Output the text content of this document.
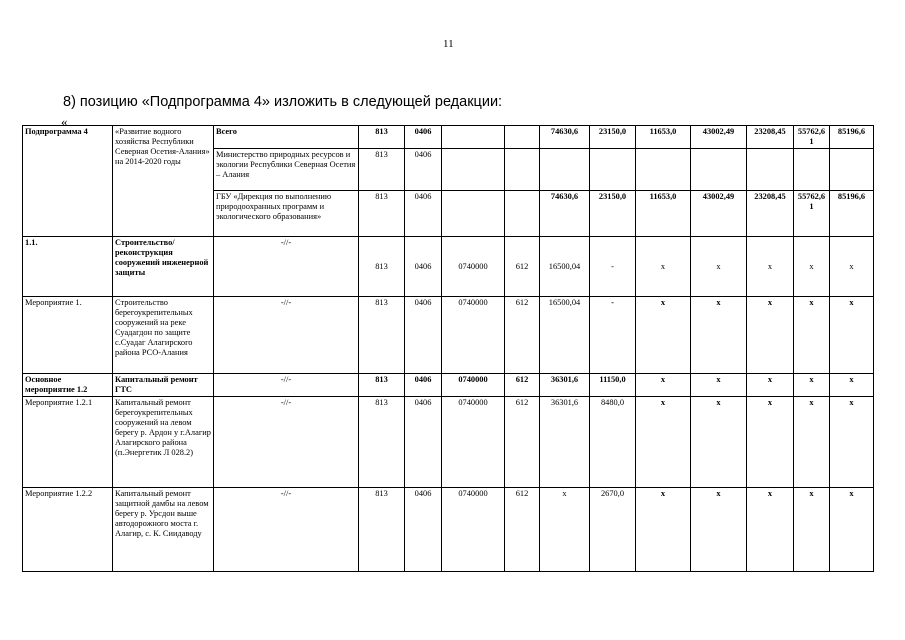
11
8) позицию «Подпрограмма 4» изложить в следующей редакции:
«
Подпрограмма 4	«Развитие водного хозяйства Республики Северная Осетия-Алания» на 2014-2020 годы	Всего	813	0406			74630,6	23150,0	11653,0	43002,49	23208,45	55762,61	85196,6
		Министерство природных ресурсов и экологии Республики Северная Осетия – Алания	813	0406									
		ГБУ «Дирекция по выполнению природоохранных программ и экологического образования»	813	0406			74630,6	23150,0	11653,0	43002,49	23208,45	55762,61	85196,6
1.1.	Строительство/ реконструкция сооружений инженерной защиты	-//-	813	0406	0740000	612	16500,04	-	х	х	х	х	х
Мероприятие 1.	Строительство берегоукрепительных сооружений на реке Суадагдон по защите с.Суадаг Алагирского района РСО-Алания	-//-	813	0406	0740000	612	16500,04	-	х	х	х	х	х
Основное мероприятие 1.2	Капитальный ремонт ГТС	-//-	813	0406	0740000	612	36301,6	11150,0	х	х	х	х	х
Мероприятие 1.2.1	Капитальный ремонт берегоукрепительных сооружений на левом берегу р. Ардон у г.Алагир Алагирского района (п.Энергетик Л 028.2)	-//-	813	0406	0740000	612	36301,6	8480,0	х	х	х	х	х
Мероприятие 1.2.2	Капитальный ремонт защитной дамбы на левом берегу р. Урсдон выше автодорожного моста г. Алагир, с. К. Сиидаводу	-//-	813	0406	0740000	612	х	2670,0	х	х	х	х	х
